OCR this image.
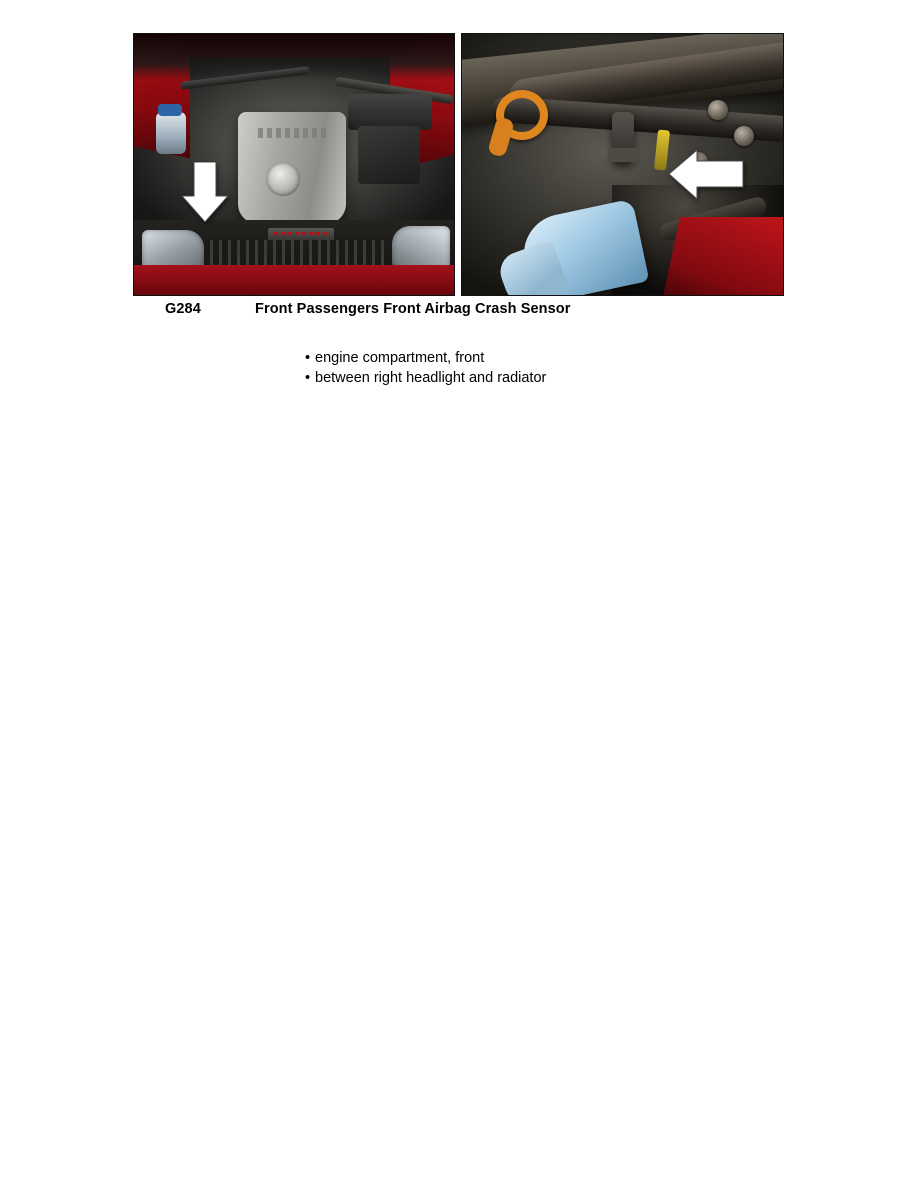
G284	Front Passengers Front Airbag Crash Sensor
• engine compartment, front
• between right headlight and radiator
